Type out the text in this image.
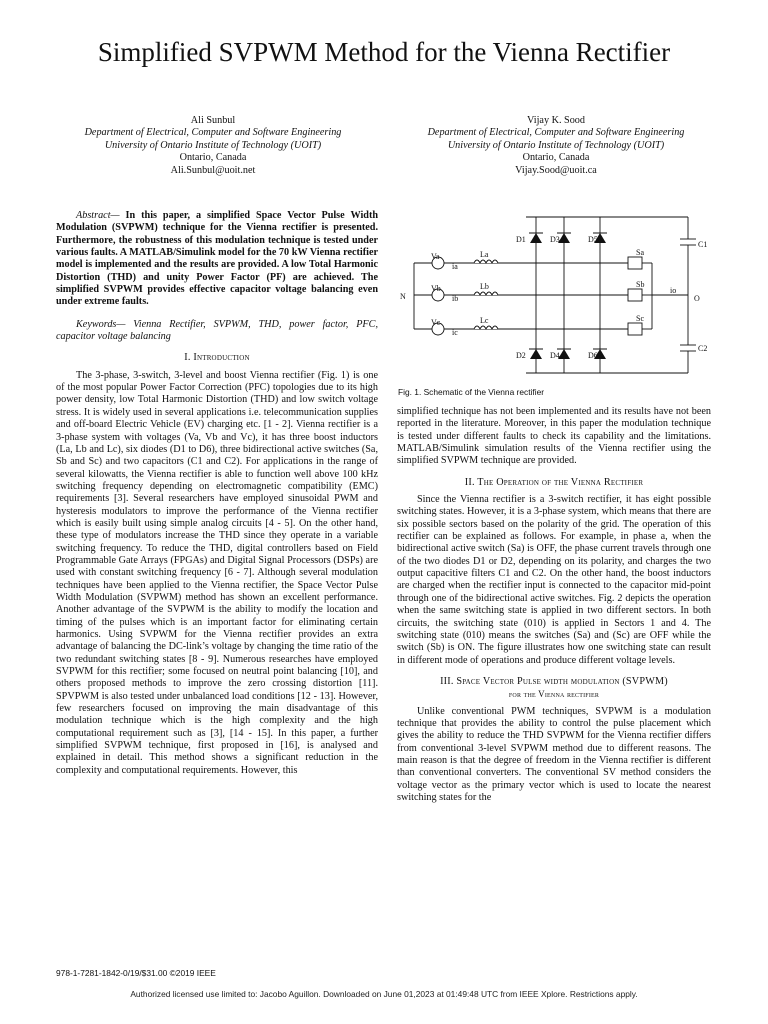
Simplified SVPWM Method for the Vienna Rectifier
Ali Sunbul
Department of Electrical, Computer and Software Engineering
University of Ontario Institute of Technology (UOIT)
Ontario, Canada
Ali.Sunbul@uoit.net
Vijay K. Sood
Department of Electrical, Computer and Software Engineering
University of Ontario Institute of Technology (UOIT)
Ontario, Canada
Vijay.Sood@uoit.ca

Abstract— In this paper, a simplified Space Vector Pulse Width Modulation (SVPWM) technique for the Vienna rectifier is presented. Furthermore, the robustness of this modulation technique is tested under various faults. A MATLAB/Simulink model for the 70 kW Vienna rectifier model is implemented and the results are provided. A low Total Harmonic Distortion (THD) and unity Power Factor (PF) are achieved. The simplified SVPWM provides effective capacitor voltage balancing even under extreme faults.

Keywords— Vienna Rectifier, SVPWM, THD, power factor, PFC, capacitor voltage balancing

I. Introduction

The 3-phase, 3-switch, 3-level and boost Vienna rectifier (Fig. 1) is one of the most popular Power Factor Correction (PFC) topologies due to its high power density, low Total Harmonic Distortion (THD) and low switch voltage stress. It is widely used in several applications i.e. telecommunication supplies and off-board Electric Vehicle (EV) charging etc. [1 - 2]. Vienna rectifier is a 3-phase system with voltages (Va, Vb and Vc), it has three boost inductors (La, Lb and Lc), six diodes (D1 to D6), three bidirectional active switches (Sa, Sb and Sc) and two capacitors (C1 and C2). For applications in the range of several kilowatts, the Vienna rectifier is able to function well above 100 kHz switching frequency depending on electromagnetic compatibility (EMC) requirements [3]. Several researchers have employed sinusoidal PWM and hysteresis modulators to improve the performance of the Vienna rectifier which is easily built using simple analog circuits [4 - 5]. On the other hand, these type of modulators increase the THD since they operate in a variable switching frequency. To reduce the THD, digital controllers based on Field Programmable Gate Arrays (FPGAs) and Digital Signal Processors (DSPs) are used with constant switching frequency [6 - 7]. Although several modulation techniques have been applied to the Vienna rectifier, the Space Vector Pulse Width Modulation (SVPWM) method has shown an excellent performance. Another advantage of the SVPWM is the ability to modify the location and timing of the pulses which is an important factor for eliminating certain harmonics. Using SVPWM for the Vienna rectifier provides an extra advantage of balancing the DC-link’s voltage by changing the time ratio of the two redundant switching states [8 - 9]. Numerous researches have employed SVPWM for this rectifier; some focused on neutral point balancing [10], and others proposed methods to improve the zero crossing distortion [11]. SPVPWM is also tested under unbalanced load conditions [12 - 13]. However, few researchers focused on improving the main disadvantage of this modulation technique which is the high complexity and the high computational requirement such as [3], [14 - 15]. In this paper, a further simplified SVPWM technique, first proposed in [16], is analysed and explained in detail. This method shows a significant reduction in the complexity and computational requirements. However, this

D1	D3	D5
D2	D4	D6
C1
C2
Va
Vb
Vc
ia
ib
ic
La
Lb
Lc
Sa
Sb
Sc
N	O
io
Fig. 1. Schematic of the Vienna rectifier

simplified technique has not been implemented and its results have not been reported in the literature. Moreover, in this paper the modulation technique is tested under different faults to check its capability and the limitations. MATLAB/Simulink simulation results of the Vienna rectifier using the simplified SVPWM technique are provided.

II. The Operation of the Vienna Rectifier

Since the Vienna rectifier is a 3-switch rectifier, it has eight possible switching states. However, it is a 3-phase system, which means that there are six possible sectors based on the polarity of the grid. The operation of this rectifier can be explained as follows. For example, in phase a, when the bidirectional active switch (Sa) is OFF, the phase current travels through one of the two diodes D1 or D2, depending on its polarity, and charges the two output capacitive filters C1 and C2. On the other hand, the boost inductors are charged when the rectifier input is connected to the capacitor mid-point through one of the bidirectional active switches. Fig. 2 depicts the operation when the same switching state is applied in two different sectors. In both circuits, the switching state (010) is applied in Sectors 1 and 4. The switching state (010) means the switches (Sa) and (Sc) are OFF while the switch (Sb) is ON. The figure illustrates how one switching state can result in different mode of operations and produce different voltage levels.

III. Space Vector Pulse width modulation (SVPWM)

for the Vienna rectifier

Unlike conventional PWM techniques, SVPWM is a modulation technique that provides the ability to control the pulse placement which gives the ability to reduce the THD SVPWM for the Vienna rectifier differs from conventional 3-level SVPWM method due to different reasons. The main reason is that the degree of freedom in the Vienna rectifier is different than conventional converters. The conventional SV method considers the voltage vector as the primary vector which is used to locate the nearest switching states for the

978-1-7281-1842-0/19/$31.00 ©2019 IEEE
Authorized licensed use limited to: Jacobo Aguillon. Downloaded on June 01,2023 at 01:49:48 UTC from IEEE Xplore. Restrictions apply.
